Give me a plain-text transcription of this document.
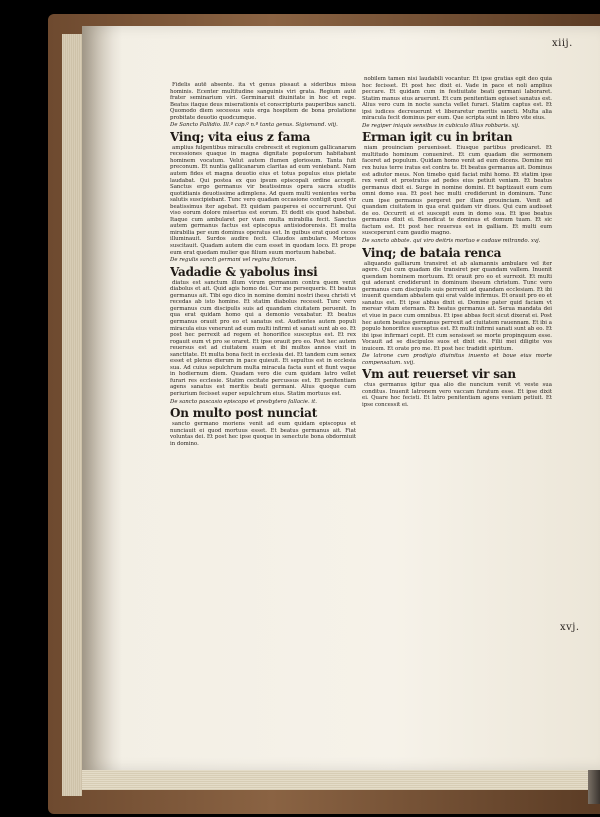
Fidelis autē absente. ita vt genus pissaut a sideribus missa hominis. Ecenter multitudine sanguinis viri grata. Regium autē frater seminarium viri. Germinaruit diuinitate in hoc et rege. Beatus itaque deus miserationis et conscripturis pauperibus sancti. Quomodo diem secessus suis erga hospitem de bona prolatione probitate deuotio quodcumque.

De Sancto Pallidio. Ill.º cap.º n.º tanta genus. Sigismund. viij.

Vinq; vita eius z fama

amplius fulgentibus miraculis crebrescit et regionum gallicanarum recessiones quaque in magna dignitate populorum habitabant hominem vocatum. Velut autem flumen gloriosum. Tanta fuit preconum. Et nuntia gallicanarum claritas ad eum veniebant. Nam autem fides et magna deuotio eius et totus populus eius pietate laudabat. Qui postea ex quo ipsum episcopali ordine accepit. Sanctus ergo germanus vir beatissimus opera sacra studiis quotidianis deuotissime adimplens. Ad quem multi venientes verba salutis suscipiebant. Tunc vero quadam occasione contigit quod vir beatissimus iter agebat. Et quidam pauperes ei occurrerunt. Qui viso eorum dolore misertus est eorum. Et dedit eis quod habebat. Itaque cum ambularet per viam multa mirabilia fecit. Sanctus autem germanus factus est episcopus antisiodorensis. Et multa mirabilia per eum dominus operatus est. In quibus erat quod cecos illuminauit. Surdos audire fecit. Claudos ambulare. Mortuos suscitauit. Quadam autem die cum esset in quodam loco. Et prope eum erat quedam mulier que filium suum mortuum habebat.

De regulis sancti germani vel regina fictorum.

Vadadie & yabolus insi

diatus est sanctum illum virum germanum contra quem venit diabolus et ait. Quid agis homo dei. Cur me persequeris. Et beatus germanus ait. Tibi ego dico in nomine domini nostri ihesu christi vt recedas ab isto homine. Et statim diabolus recessit. Tunc vero germanus cum discipulis suis ad quandam ciuitatem peruenit. In qua erat quidam homo qui a demonio vexabatur. Et beatus germanus orauit pro eo et sanatus est. Audientes autem populi miracula eius venerunt ad eum multi infirmi et sanati sunt ab eo. Et post hec perrexit ad regem et honorifice susceptus est. Et rex rogauit eum vt pro se oraret. Et ipse orauit pro eo. Post hec autem reuersus est ad ciuitatem suam et ibi multos annos vixit in sanctitate. Et multa bona fecit in ecclesia dei. Et tandem cum senex esset et plenus dierum in pace quieuit. Et sepultus est in ecclesia sua. Ad cuius sepulchrum multa miracula facta sunt et fiunt vsque in hodiernum diem. Quadam vero die cum quidam latro vellet furari res ecclesie. Statim cecitate percussus est. Et penitentiam agens sanatus est meritis beati germani. Alius quoque cum periurium fecisset super sepulchrum eius. Statim mortuus est.

De sancto pascasio episcopo et presbytero fallacie. it.

On multo post nunciat

sancto germano moriens venit ad eum quidam episcopus et nunciauit ei quod mortuus esset. Et beatus germanus ait. Fiat voluntas dei. Et post hec ipse quoque in senectute bona obdormiuit in domino.

nobilem tamen nisi laudabili vocantur. Et ipse gratias egit deo quia hoc fecisset. Et post hec dixit ei. Vade in pace et noli amplius peccare. Et quidam cum in festiuitate beati germani laboraret. Statim manus eius aruerunt. Et cum penitentiam egisset sanatus est. Alius vero cum in nocte sancta vellet furari. Statim captus est. Et ipsi iudices decreuerunt vt liberaretur meritis sancti. Multa alia miracula fecit dominus per eum. Que scripta sunt in libro vite eius.

De regiper iniquis sensibus in cubiculo illius robbaris. xij.

Erman igit cu in britan

niam prouinciam peruenisset. Eiusque partibus predicaret. Et multitudo hominum conueniret. Et cum quadam die sermonem faceret ad populum. Quidam homo venit ad eum dicens. Domine mi rex huius terre iratus est contra te. Et beatus germanus ait. Dominus est adiutor meus. Non timebo quid faciat mihi homo. Et statim ipse rex venit et prostratus ad pedes eius petiuit veniam. Et beatus germanus dixit ei. Surge in nomine domini. Et baptizauit eum cum omni domo sua. Et post hec multi crediderunt in dominum. Tunc cum ipse germanus pergeret per illam prouinciam. Venit ad quandam ciuitatem in qua erat quidam vir diues. Qui cum audisset de eo. Occurrit ei et suscepit eum in domo sua. Et ipse beatus germanus dixit ei. Benedicat te dominus et domum tuam. Et sic factum est. Et post hec reuersus est in galliam. Et multi eum susceperunt cum gaudio magno.

De sancto abbate. qui viro deitris mortuo e cadaue mitrando. xvj.

Vinq; de bataia renca

aliquando galliarum transiret et ab alamannis ambulare vel iter agere. Qui cum quadam die transiret per quandam vallem. Inuenit quendam hominem mortuum. Et orauit pro eo et surrexit. Et multi qui aderant crediderunt in dominum ihesum christum. Tunc vero germanus cum discipulis suis perrexit ad quandam ecclesiam. Et ibi inuenit quendam abbatem qui erat valde infirmus. Et orauit pro eo et sanatus est. Et ipse abbas dixit ei. Domine pater quid faciam vt merear vitam eternam. Et beatus germanus ait. Serua mandata dei et viue in pace cum omnibus. Et ipse abbas fecit sicut dixerat ei. Post hec autem beatus germanus perrexit ad ciuitatem rauennam. Et ibi a populo honorifice susceptus est. Et multi infirmi sanati sunt ab eo. Et ibi ipse infirmari cepit. Et cum sensisset se morte propinquum esse. Vocauit ad se discipulos suos et dixit eis. Filii mei diligite vos inuicem. Et orate pro me. Et post hec tradidit spiritum.

De latrone cum prodigio diuinitus inuento et boue eius morte compensatum. xvij.

Vm aut reuerset vir san

ctus germanus igitur qua alio die nuncium venit vt veste sua conditus. Inuenit latronem vero vaccam furatum esse. Et ipse dixit ei. Quare hoc fecisti. Et latro penitentiam agens veniam petiuit. Et ipse concessit ei.

xiij.
xvj.
